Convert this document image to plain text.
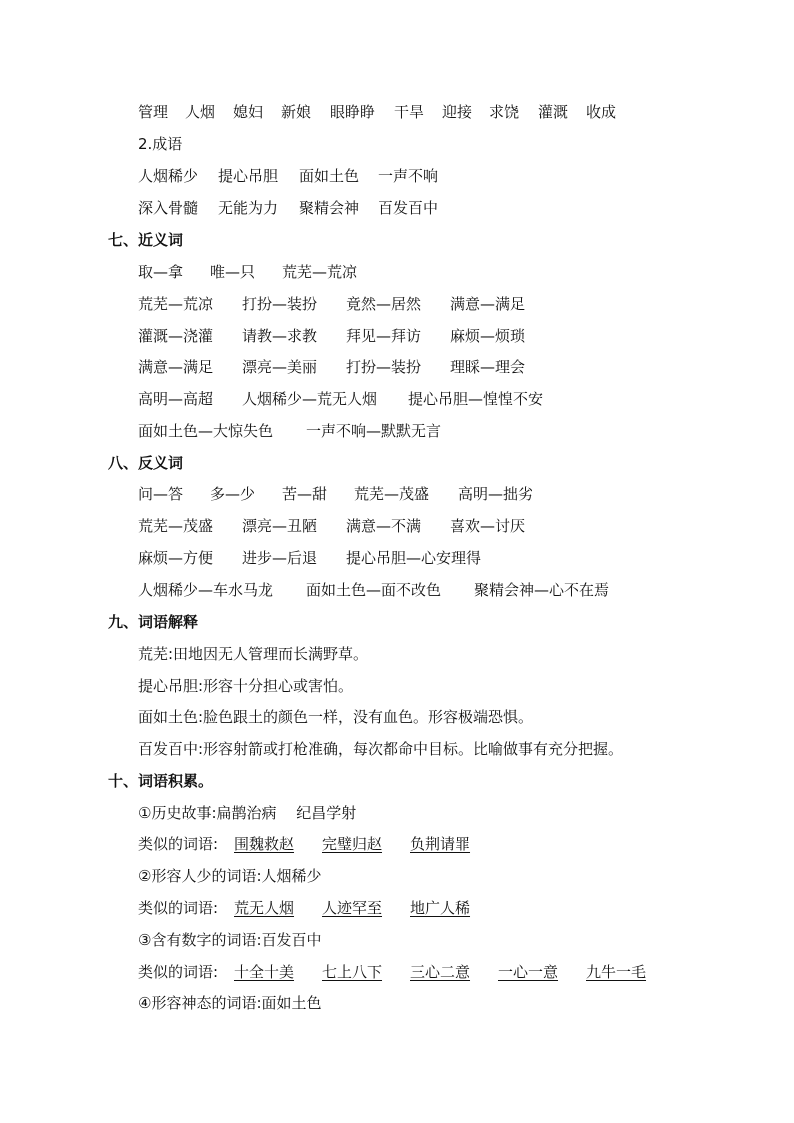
管理 人烟 媳妇 新娘 眼睁睁 干旱 迎接 求饶 灌溉 收成
2.成语
人烟稀少 提心吊胆 面如土色 一声不响
深入骨髓 无能为力 聚精会神 百发百中
七、近义词
取—拿 唯—只 荒芜—荒凉
荒芜—荒凉 打扮—装扮 竟然—居然 满意—满足
灌溉—浇灌 请教—求教 拜见—拜访 麻烦—烦琐
满意—满足 漂亮—美丽 打扮—装扮 理睬—理会
高明—高超 人烟稀少—荒无人烟 提心吊胆—惶惶不安
面如土色—大惊失色 一声不响—默默无言
八、反义词
问—答 多—少 苦—甜 荒芜—茂盛 高明—拙劣
荒芜—茂盛 漂亮—丑陋 满意—不满 喜欢—讨厌
麻烦—方便 进步—后退 提心吊胆—心安理得
人烟稀少—车水马龙 面如土色—面不改色 聚精会神—心不在焉
九、词语解释
荒芜:田地因无人管理而长满野草。
提心吊胆:形容十分担心或害怕。
面如土色:脸色跟土的颜色一样，没有血色。形容极端恐惧。
百发百中:形容射箭或打枪准确，每次都命中目标。比喻做事有充分把握。
十、词语积累。
①历史故事:扁鹊治病　 纪昌学射
类似的词语: 围魏救赵 完璧归赵 负荆请罪
②形容人少的词语:人烟稀少
类似的词语: 荒无人烟 人迹罕至 地广人稀
③含有数字的词语:百发百中
类似的词语: 十全十美 七上八下 三心二意 一心一意 九牛一毛
④形容神态的词语:面如土色
